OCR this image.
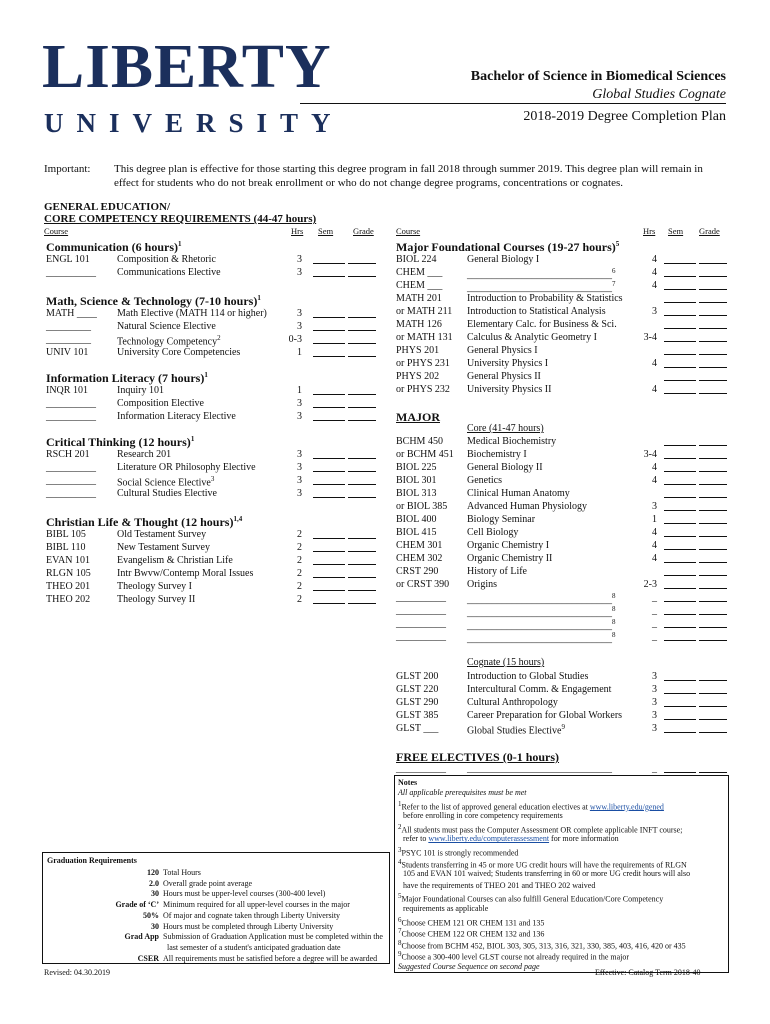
LIBERTY
UNIVERSITY
Bachelor of Science in Biomedical Sciences
Global Studies Cognate
2018-2019 Degree Completion Plan
Important: This degree plan is effective for those starting this degree program in fall 2018 through summer 2019. This degree plan will remain in effect for students who do not break enrollment or who do not change degree programs, concentrations or cognates.
GENERAL EDUCATION/
CORE COMPETENCY REQUIREMENTS (44-47 hours)
Course	Hrs Sem Grade
Communication (6 hours)$^1$
ENGL 101	Composition & Rhetoric	3
__________ Communications Elective	3
Math, Science & Technology (7-10 hours)$^1$
MATH ____ Math Elective (MATH 114 or higher)	3
_________	Natural Science Elective	3
_________	Technology Competency$^2$	0-3
UNIV 101	University Core Competencies	1
Information Literacy (7 hours)$^1$
INQR 101	Inquiry 101	1
__________ Composition Elective	3
__________ Information Literacy Elective	3
Critical Thinking (12 hours)$^1$
RSCH 201	Research 201	3
__________ Literature OR Philosophy Elective	3
__________ Social Science Elective$^3$	3
__________ Cultural Studies Elective	3
Christian Life & Thought (12 hours)$^{1,4}$
BIBL 105	Old Testament Survey	2
BIBL 110	New Testament Survey	2
EVAN 101	Evangelism & Christian Life	2
RLGN 105	Intr Bwvw/Contemp Moral Issues	2
THEO 201	Theology Survey I	2
THEO 202	Theology Survey II	2
Course	Hrs Sem Grade
Major Foundational Courses (19-27 hours)$^5$
BIOL 224	General Biology I	4
CHEM ___ _____________________________$^6$	4
CHEM ___ _____________________________$^7$	4
MATH 201	Introduction to Probability & Statistics
or MATH 211 Introduction to Statistical Analysis	3
MATH 126	Elementary Calc. for Business & Sci.
or MATH 131 Calculus & Analytic Geometry I	3-4
PHYS 201	General Physics I
or PHYS 231 University Physics I	4
PHYS 202	General Physics II
or PHYS 232 University Physics II	4
MAJOR
Core (41-47 hours)
BCHM 450 Medical Biochemistry
or BCHM 451 Biochemistry I	3-4
BIOL 225	General Biology II	4
BIOL 301	Genetics	4
BIOL 313	Clinical Human Anatomy
or BIOL 385 Advanced Human Physiology	3
BIOL 400	Biology Seminar	1
BIOL 415	Cell Biology	4
CHEM 301 Organic Chemistry I	4
CHEM 302 Organic Chemistry II	4
CRST 290	History of Life
or CRST 390 Origins	2-3
__________ _____________________________$^8$	_
__________ _____________________________$^8$	_
__________ _____________________________$^8$	_
__________ _____________________________$^8$	_
Cognate (15 hours)
GLST 200	Introduction to Global Studies	3
GLST 220	Intercultural Comm. & Engagement	3
GLST 290	Cultural Anthropology	3
GLST 385	Career Preparation for Global Workers	3
GLST ___	Global Studies Elective$^9$	3
FREE ELECTIVES (0-1 hours)
__________ _____________________________	_
Graduation Requirements
120 Total Hours
2.0 Overall grade point average
30 Hours must be upper-level courses (300-400 level)
Grade of ‘C’ Minimum required for all upper-level courses in the major
50% Of major and cognate taken through Liberty University
30 Hours must be completed through Liberty University
Grad App Submission of Graduation Application must be completed within the
last semester of a student's anticipated graduation date
CSER All requirements must be satisfied before a degree will be awarded
Notes
All applicable prerequisites must be met
$^1$Refer to the list of approved general education electives at www.liberty.edu/gened
before enrolling in core competency requirements
$^2$All students must pass the Computer Assessment OR complete applicable INFT course;
refer to www.liberty.edu/computerassessment for more information
$^3$PSYC 101 is strongly recommended
$^4$Students transferring in 45 or more UG credit hours will have the requirements of RLGN
105 and EVAN 101 waived; Students transferring in 60 or more UG credit hours will also
have the requirements of THEO 201 and THEO 202 waived
$^5$Major Foundational Courses can also fulfill General Education/Core Competency
requirements as applicable
$^6$Choose CHEM 121 OR CHEM 131 and 135
$^7$Choose CHEM 122 OR CHEM 132 and 136
$^8$Choose from BCHM 452, BIOL 303, 305, 313, 316, 321, 330, 385, 403, 416, 420 or 435
$^9$Choose a 300-400 level GLST course not already required in the major
Suggested Course Sequence on second page
Revised: 04.30.2019	Effective: Catalog Term 2018-40
